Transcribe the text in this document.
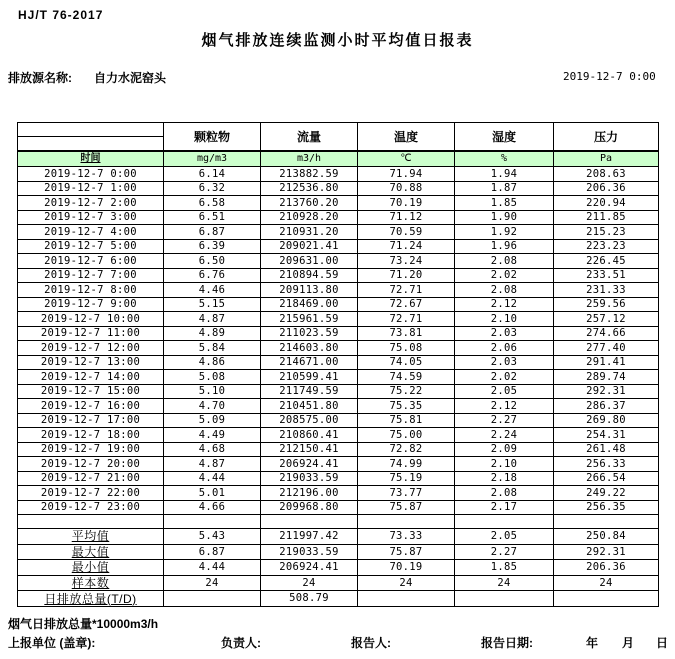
HJ/T 76-2017
烟气排放连续监测小时平均值日报表
排放源名称: 自力水泥窑头	2019-12-7 0:00
	颗粒物	流量	温度	湿度	压力

时间	mg/m3	m3/h	℃	%	Pa
2019-12-7 0:00	6.14	213882.59	71.94	1.94	208.63
2019-12-7 1:00	6.32	212536.80	70.88	1.87	206.36
2019-12-7 2:00	6.58	213760.20	70.19	1.85	220.94
2019-12-7 3:00	6.51	210928.20	71.12	1.90	211.85
2019-12-7 4:00	6.87	210931.20	70.59	1.92	215.23
2019-12-7 5:00	6.39	209021.41	71.24	1.96	223.23
2019-12-7 6:00	6.50	209631.00	73.24	2.08	226.45
2019-12-7 7:00	6.76	210894.59	71.20	2.02	233.51
2019-12-7 8:00	4.46	209113.80	72.71	2.08	231.33
2019-12-7 9:00	5.15	218469.00	72.67	2.12	259.56
2019-12-7 10:00	4.87	215961.59	72.71	2.10	257.12
2019-12-7 11:00	4.89	211023.59	73.81	2.03	274.66
2019-12-7 12:00	5.84	214603.80	75.08	2.06	277.40
2019-12-7 13:00	4.86	214671.00	74.05	2.03	291.41
2019-12-7 14:00	5.08	210599.41	74.59	2.02	289.74
2019-12-7 15:00	5.10	211749.59	75.22	2.05	292.31
2019-12-7 16:00	4.70	210451.80	75.35	2.12	286.37
2019-12-7 17:00	5.09	208575.00	75.81	2.27	269.80
2019-12-7 18:00	4.49	210860.41	75.00	2.24	254.31
2019-12-7 19:00	4.68	212150.41	72.82	2.09	261.48
2019-12-7 20:00	4.87	206924.41	74.99	2.10	256.33
2019-12-7 21:00	4.44	219033.59	75.19	2.18	266.54
2019-12-7 22:00	5.01	212196.00	73.77	2.08	249.22
2019-12-7 23:00	4.66	209968.80	75.87	2.17	256.35

平均值	5.43	211997.42	73.33	2.05	250.84
最大值	6.87	219033.59	75.87	2.27	292.31
最小值	4.44	206924.41	70.19	1.85	206.36
样本数	24	24	24	24	24
日排放总量(T/D)		508.79			
烟气日排放总量*10000m3/h
上报单位 (盖章):	负责人:	报告人:	报告日期:	年 月 日
